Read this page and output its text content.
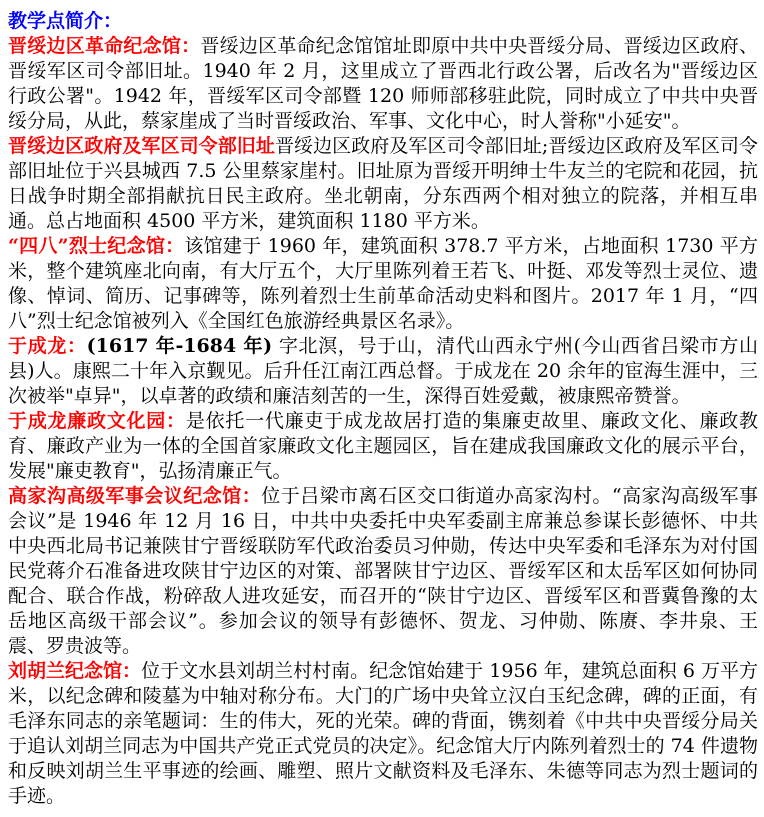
教学点简介：

晋绥边区革命纪念馆：晋绥边区革命纪念馆馆址即原中共中央晋绥分局、晋绥边区政府、晋绥军区司令部旧址。1940 年 2 月，这里成立了晋西北行政公署，后改名为"晋绥边区行政公署"。1942 年，晋绥军区司令部暨 120 师师部移驻此院，同时成立了中共中央晋绥分局，从此，蔡家崖成了当时晋绥政治、军事、文化中心，时人誉称"小延安"。

晋绥边区政府及军区司令部旧址晋绥边区政府及军区司令部旧址;晋绥边区政府及军区司令部旧址位于兴县城西 7.5 公里蔡家崖村。旧址原为晋绥开明绅士牛友兰的宅院和花园，抗日战争时期全部捐献抗日民主政府。坐北朝南，分东西两个相对独立的院落，并相互串通。总占地面积 4500 平方米，建筑面积 1180 平方米。

“四八”烈士纪念馆：该馆建于 1960 年，建筑面积 378.7 平方米，占地面积 1730 平方米，整个建筑座北向南，有大厅五个，大厅里陈列着王若飞、叶挺、邓发等烈士灵位、遗像、悼词、简历、记事碑等，陈列着烈士生前革命活动史料和图片。2017 年 1 月，“四八”烈士纪念馆被列入《全国红色旅游经典景区名录》。

于成龙：(1617 年-1684 年) 字北溟，号于山，清代山西永宁州(今山西省吕梁市方山县)人。康熙二十年入京觐见。后升任江南江西总督。于成龙在 20 余年的宦海生涯中，三次被举"卓异"，以卓著的政绩和廉洁刻苦的一生，深得百姓爱戴，被康熙帝赞誉。

于成龙廉政文化园：是依托一代廉吏于成龙故居打造的集廉吏故里、廉政文化、廉政教育、廉政产业为一体的全国首家廉政文化主题园区，旨在建成我国廉政文化的展示平台，发展"廉吏教育"，弘扬清廉正气。

高家沟高级军事会议纪念馆：位于吕梁市离石区交口街道办高家沟村。“高家沟高级军事会议”是 1946 年 12 月 16 日，中共中央委托中央军委副主席兼总参谋长彭德怀、中共中央西北局书记兼陕甘宁晋绥联防军代政治委员习仲勋，传达中央军委和毛泽东为对付国民党蒋介石准备进攻陕甘宁边区的对策、部署陕甘宁边区、晋绥军区和太岳军区如何协同配合、联合作战，粉碎敌人进攻延安，而召开的“陕甘宁边区、晋绥军区和晋冀鲁豫的太岳地区高级干部会议”。参加会议的领导有彭德怀、贺龙、习仲勋、陈赓、李井泉、王震、罗贵波等。

刘胡兰纪念馆：位于文水县刘胡兰村村南。纪念馆始建于 1956 年，建筑总面积 6 万平方米，以纪念碑和陵墓为中轴对称分布。大门的广场中央耸立汉白玉纪念碑，碑的正面，有毛泽东同志的亲笔题词：生的伟大，死的光荣。碑的背面，镌刻着《中共中央晋绥分局关于追认刘胡兰同志为中国共产党正式党员的决定》。纪念馆大厅内陈列着烈士的 74 件遗物和反映刘胡兰生平事迹的绘画、雕塑、照片文献资料及毛泽东、朱德等同志为烈士题词的手迹。
